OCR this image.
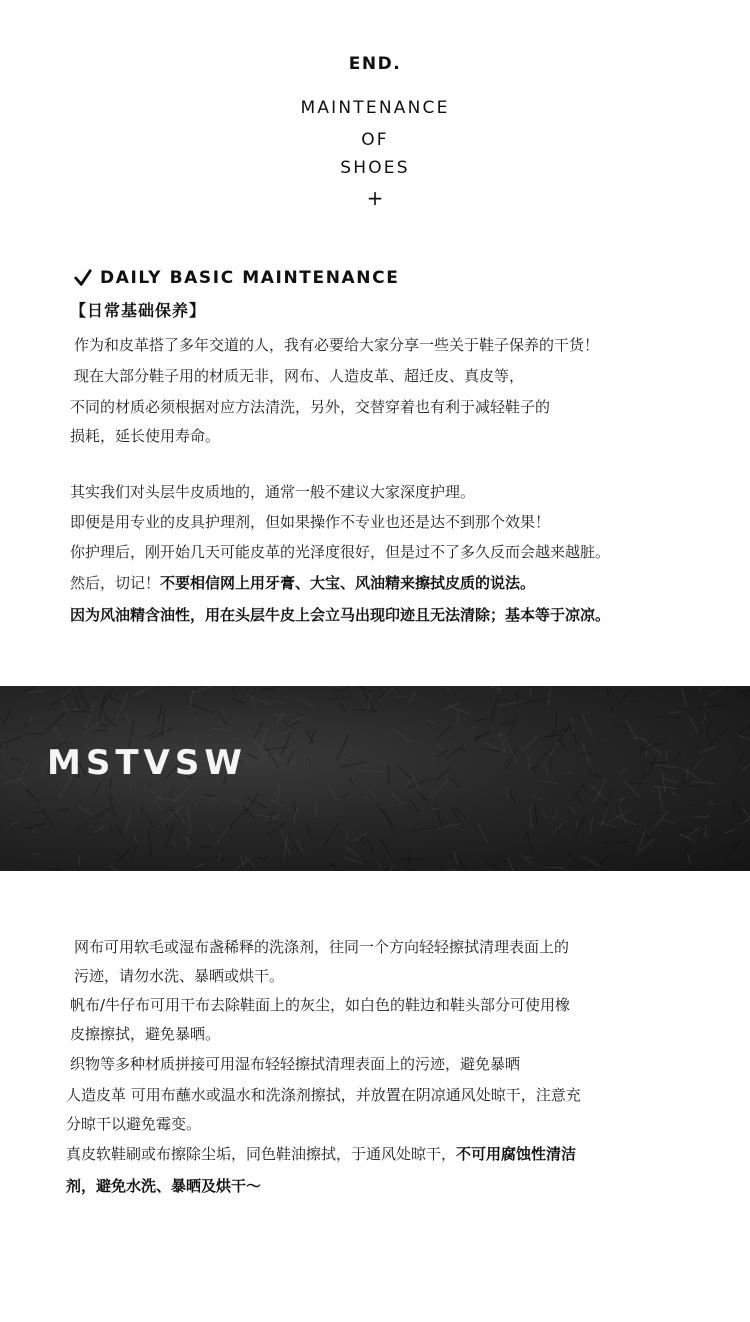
END.
MAINTENANCE
OF
SHOES
+
DAILY BASIC MAINTENANCE
【日常基础保养】
作为和皮革搭了多年交道的人，我有必要给大家分享一些关于鞋子保养的干货！
现在大部分鞋子用的材质无非，网布、人造皮革、超迁皮、真皮等，
不同的材质必须根据对应方法清洗，另外，交替穿着也有利于减轻鞋子的
损耗，延长使用寿命。
其实我们对头层牛皮质地的，通常一般不建议大家深度护理。
即便是用专业的皮具护理剂，但如果操作不专业也还是达不到那个效果！
你护理后，刚开始几天可能皮革的光泽度很好，但是过不了多久反而会越来越脏。
然后，切记！不要相信网上用牙膏、大宝、风油精来擦拭皮质的说法。
因为风油精含油性，用在头层牛皮上会立马出现印迹且无法清除；基本等于凉凉。
MSTVSW
网布可用软毛或湿布盏稀释的洗涤剂，往同一个方向轻轻擦拭清理表面上的
污迹，请勿水洗、暴晒或烘干。
帆布/牛仔布可用干布去除鞋面上的灰尘，如白色的鞋边和鞋头部分可使用橡
皮擦擦拭，避免暴晒。
织物等多种材质拼接可用湿布轻轻擦拭清理表面上的污迹，避免暴晒
人造皮革 可用布蘸水或温水和洗涤剂擦拭，并放置在阴凉通风处晾干，注意充
分晾干以避免霉变。
真皮软鞋刷或布擦除尘垢，同色鞋油擦拭，于通风处晾干，不可用腐蚀性清洁
剂，避免水洗、暴晒及烘干〜
